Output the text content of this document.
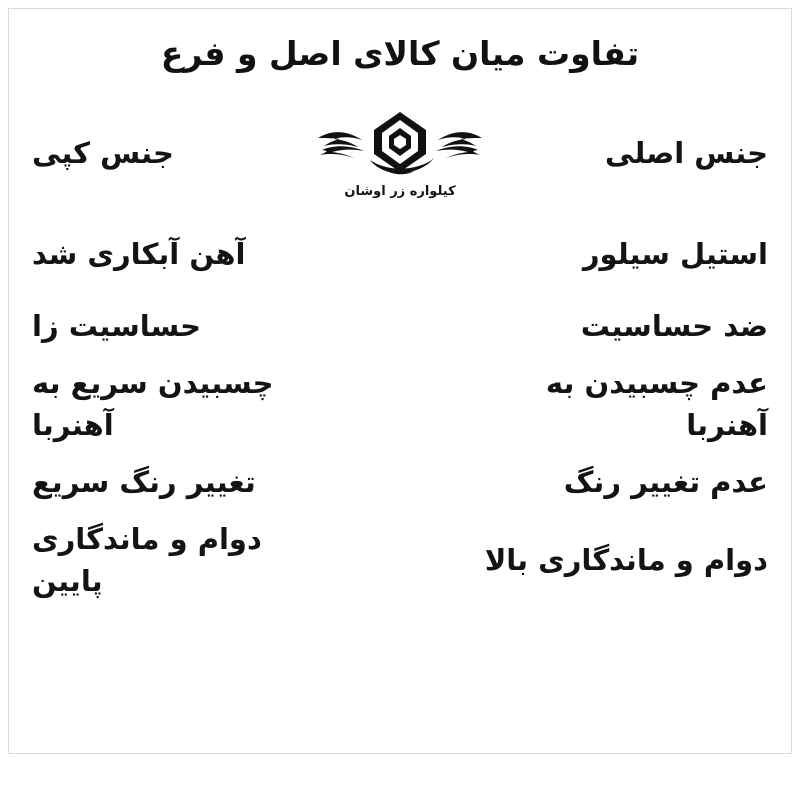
تفاوت میان کالای اصل و فرع
جنس اصلی
کیلواره زر اوشان
جنس کپی
استیل سیلور
آهن آبکاری شد
ضد حساسیت
حساسیت زا
عدم چسبیدن به آهنربا
چسبیدن سریع به آهنربا
عدم تغییر رنگ
تغییر رنگ سریع
دوام و ماندگاری بالا
دوام و ماندگاری پایین
